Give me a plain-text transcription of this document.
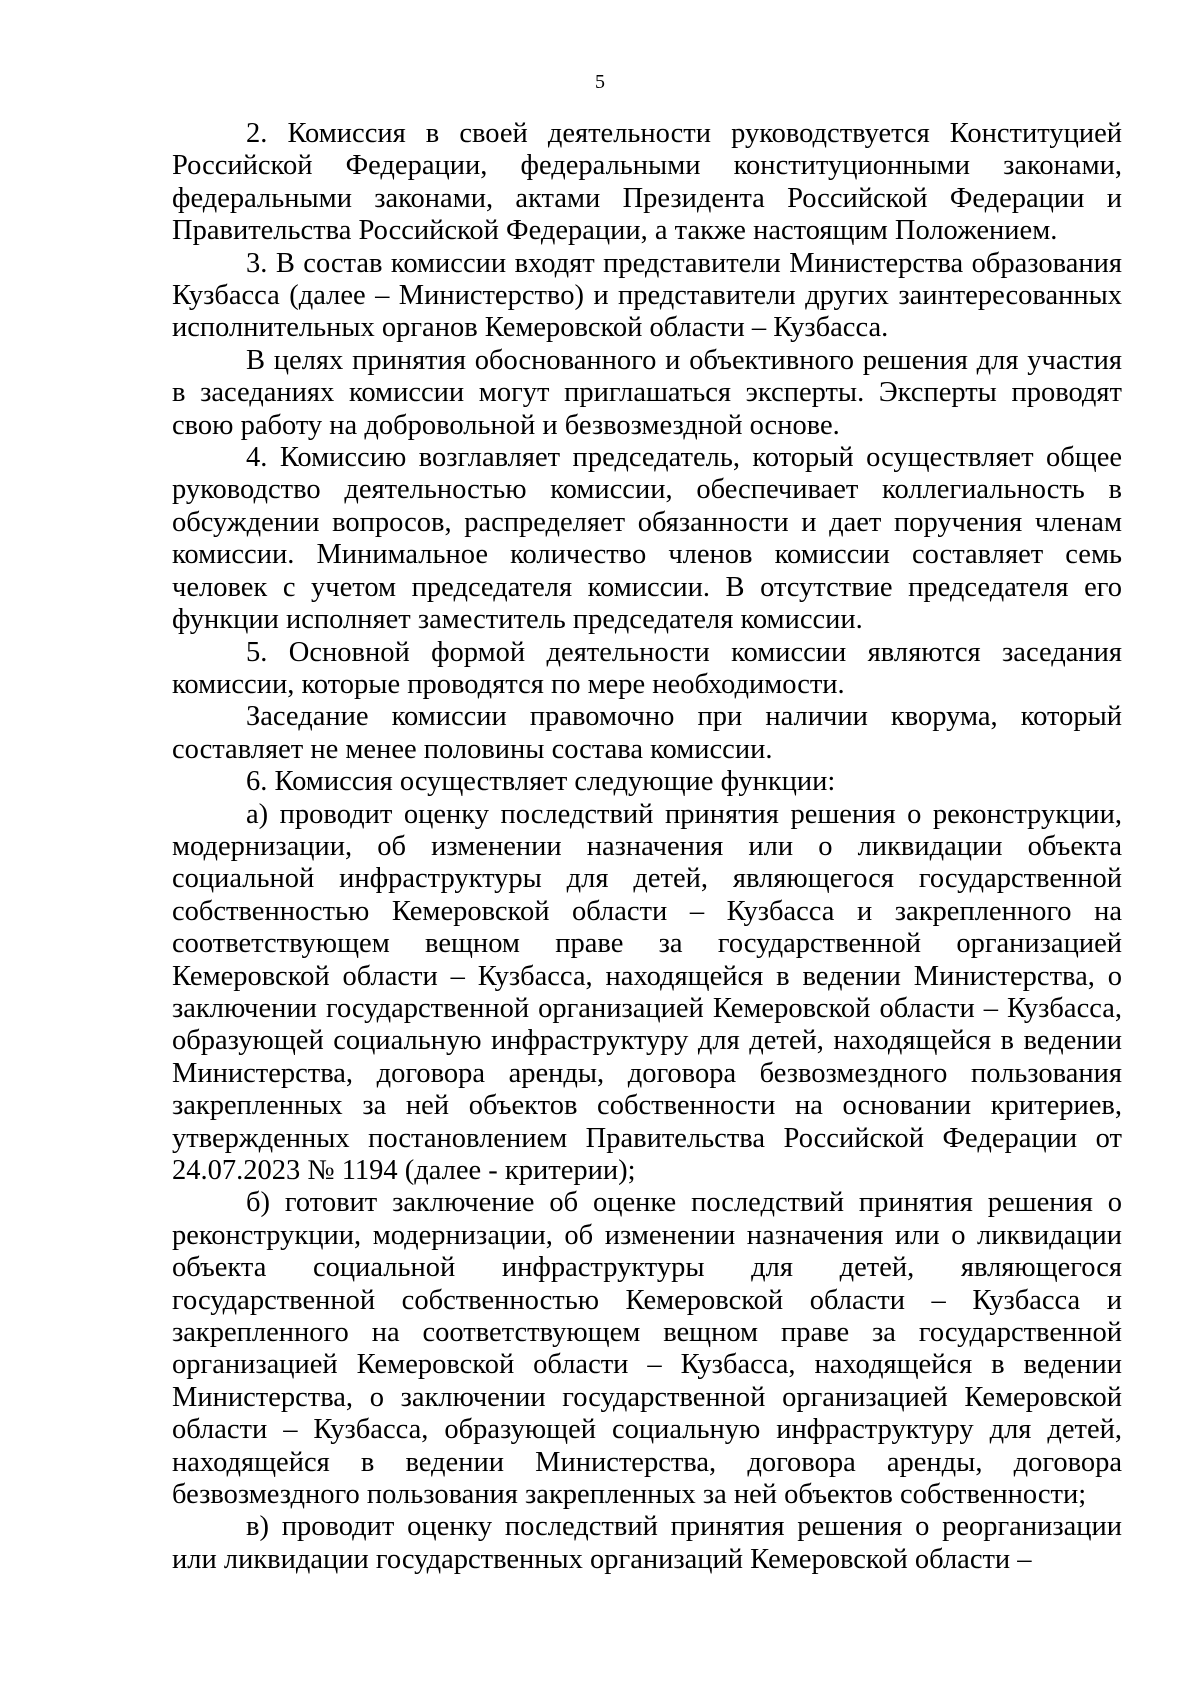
5

2. Комиссия в своей деятельности руководствуется Конституцией Российской Федерации, федеральными конституционными законами, федеральными законами, актами Президента Российской Федерации и Правительства Российской Федерации, а также настоящим Положением.

3. В состав комиссии входят представители Министерства образования Кузбасса (далее – Министерство) и представители других заинтересованных исполнительных органов Кемеровской области – Кузбасса.

В целях принятия обоснованного и объективного решения для участия в заседаниях комиссии могут приглашаться эксперты. Эксперты проводят свою работу на добровольной и безвозмездной основе.

4. Комиссию возглавляет председатель, который осуществляет общее руководство деятельностью комиссии, обеспечивает коллегиальность в обсуждении вопросов, распределяет обязанности и дает поручения членам комиссии. Минимальное количество членов комиссии составляет семь человек с учетом председателя комиссии. В отсутствие председателя его функции исполняет заместитель председателя комиссии.

5. Основной формой деятельности комиссии являются заседания комиссии, которые проводятся по мере необходимости.

Заседание комиссии правомочно при наличии кворума, который составляет не менее половины состава комиссии.

6. Комиссия осуществляет следующие функции:

а) проводит оценку последствий принятия решения о реконструкции, модернизации, об изменении назначения или о ликвидации объекта социальной инфраструктуры для детей, являющегося государственной собственностью Кемеровской области – Кузбасса и закрепленного на соответствующем вещном праве за государственной организацией Кемеровской области – Кузбасса, находящейся в ведении Министерства, о заключении государственной организацией Кемеровской области – Кузбасса, образующей социальную инфраструктуру для детей, находящейся в ведении Министерства, договора аренды, договора безвозмездного пользования закрепленных за ней объектов собственности на основании критериев, утвержденных постановлением Правительства Российской Федерации от 24.07.2023 № 1194 (далее - критерии);

б) готовит заключение об оценке последствий принятия решения о реконструкции, модернизации, об изменении назначения или о ликвидации объекта социальной инфраструктуры для детей, являющегося государственной собственностью Кемеровской области – Кузбасса и закрепленного на соответствующем вещном праве за государственной организацией Кемеровской области – Кузбасса, находящейся в ведении Министерства, о заключении государственной организацией Кемеровской области – Кузбасса, образующей социальную инфраструктуру для детей, находящейся в ведении Министерства, договора аренды, договора безвозмездного пользования закрепленных за ней объектов собственности;

в) проводит оценку последствий принятия решения о реорганизации или ликвидации государственных организаций Кемеровской области –
